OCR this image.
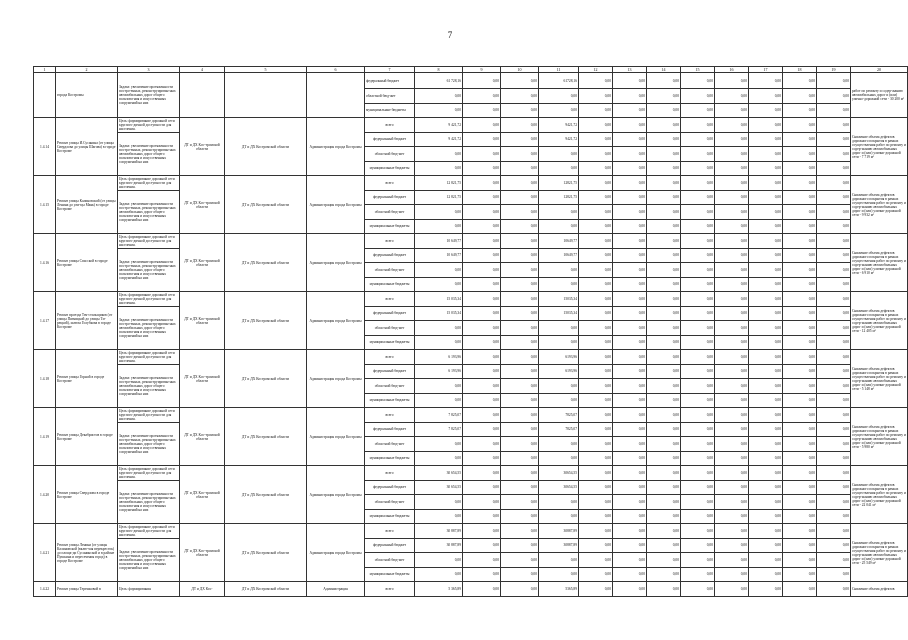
7
1	2	3	4	5	6	7	8	9	10	11	12	13	14	15	16	17	18	19	20
	города Костромы	Задача: увеличение протяженности постро-енных, реконструирован-ных автомобильных дорог общего пользова-ния и искусственных сооружений на них				федеральный бюджет	61 728,16	0,00	0,00	61728,16	0,00	0,00	0,00	0,00	0,00	0,00	0,00	0,00	работ по ремонту и содер-жанию автомобильных дорог и (или) уличнo-дорожной сети - 30 200 м²
						областной бюд-жет	0,00	0,00	0,00	0,00	0,00	0,00	0,00	0,00	0,00	0,00	0,00	0,00	
						муниципальные бюджеты	0,00	0,00	0,00	0,00	0,00	0,00	0,00	0,00	0,00	0,00	0,00	0,00	
1.4.14	Ремонт улицы И.Сусанина (от улицы Свердлова до улицы Шагова) в городе Костроме	Цель: формирование дорожной сети круглого-дичной доступности для населения.	ДТ и ДХ Кос-тромской области	ДТ и ДХ Костромской области	Администрация города Костромы	всего	9 421,72	0,00	0,00	9421,72	0,00	0,00	0,00	0,00	0,00	0,00	0,00	0,00	Снижение объема дефектов дорожного покрытия в рамках осуществления работ по ремонту и содер-жанию автомобильных дорог и (или) улично-дорожной сети - 7 719 м²
		Задача: увеличение протяженности постро-енных, реконструирован-ных автомобильных дорог общего пользова-ния и искусственных сооружений на них				федеральный бюджет	9 421,72	0,00	0,00	9421,72	0,00	0,00	0,00	0,00	0,00	0,00	0,00	0,00	
						областной бюд-жет	0,00	0,00	0,00	0,00	0,00	0,00	0,00	0,00	0,00	0,00	0,00	0,00	
						муниципальные бюджеты	0,00	0,00	0,00	0,00	0,00	0,00	0,00	0,00	0,00	0,00	0,00	0,00	
1.4.15	Ремонт улицы Калиновской (от улицы Ленина до ули-цы Маяк) в городе Костроме	Цель: формирование дорожной сети круглого-дичной доступности для населения.	ДТ и ДХ Кос-тромской области	ДТ и ДХ Костромской области	Администрация города Костромы	всего	12 821,75	0,00	0,00	12821,75	0,00	0,00	0,00	0,00	0,00	0,00	0,00	0,00	Снижение объема дефектов дорожного покрытия в рамках осуществления работ по ремонту и содер-жанию автомобильных дорог и (или) улично-дорожной сети - 9 932 м²
		Задача: увеличение протяженности постро-енных, реконструирован-ных автомобильных дорог общего пользова-ния и искусственных сооружений на них				федеральный бюджет	12 821,75	0,00	0,00	12821,75	0,00	0,00	0,00	0,00	0,00	0,00	0,00	0,00	
						областной бюд-жет	0,00	0,00	0,00	0,00	0,00	0,00	0,00	0,00	0,00	0,00	0,00	0,00	
						муниципальные бюджеты	0,00	0,00	0,00	0,00	0,00	0,00	0,00	0,00	0,00	0,00	0,00	0,00	
1.4.16	Ремонт улицы Спасской в городе Костроме	Цель: формирование дорожной сети круглого-дичной доступности для населения.	ДТ и ДХ Кос-тромской области	ДТ и ДХ Костромской области	Администрация города Костромы	всего	10 649,77	0,00	0,00	10649,77	0,00	0,00	0,00	0,00	0,00	0,00	0,00	0,00	Снижение объема дефектов дорожного покрытия в рамках осуществления работ по ремонту и содер-жанию автомобильных дорог и (или) улично-дорожной сети - 6 910 м²
		Задача: увеличение протяженности постро-енных, реконструирован-ных автомобильных дорог общего пользова-ния и искусственных сооружений на них				федеральный бюджет	10 649,77	0,00	0,00	10649,77	0,00	0,00	0,00	0,00	0,00	0,00	0,00	0,00	
						областной бюд-жет	0,00	0,00	0,00	0,00	0,00	0,00	0,00	0,00	0,00	0,00	0,00	0,00	
						муниципальные бюджеты	0,00	0,00	0,00	0,00	0,00	0,00	0,00	0,00	0,00	0,00	0,00	0,00	
1.4.17	Ремонт проезда Тек-стильщиков (от улицы Пятницкой до улицы Ти-рецкой), шлюза Голубкова в городе Костроме	Цель: формирование дорожной сети круглого-дичной доступности для населения.	ДТ и ДХ Кос-тромской области	ДТ и ДХ Костромской области	Администрация города Костромы	всего	15 035,34	0,00	0,00	15035,34	0,00	0,00	0,00	0,00	0,00	0,00	0,00	0,00	Снижение объема дефектов дорожного покрытия в рамках осуществления работ по ремонту и содер-жанию автомобильных дорог и (или) улично-дорожной сети - 12 405 м²
		Задача: увеличение протяженности постро-енных, реконструирован-ных автомобильных дорог общего пользова-ния и искусственных сооружений на них				федеральный бюджет	15 035,34	0,00	0,00	15035,34	0,00	0,00	0,00	0,00	0,00	0,00	0,00	0,00	
						областной бюд-жет	0,00	0,00	0,00	0,00	0,00	0,00	0,00	0,00	0,00	0,00	0,00	0,00	
						муниципальные бюджеты	0,00	0,00	0,00	0,00	0,00	0,00	0,00	0,00	0,00	0,00	0,00	0,00	
1.4.18	Ремонт улицы Горной в городе Костроме	Цель: формирование дорожной сети круглого-дичной доступности для населения.	ДТ и ДХ Кос-тромской области	ДТ и ДХ Костромской области	Администрация города Костромы	всего	6 193,96	0,00	0,00	6193,96	0,00	0,00	0,00	0,00	0,00	0,00	0,00	0,00	Снижение объема дефектов дорожного покрытия в рамках осуществления работ по ремонту и содер-жанию автомобильных дорог и (или) улично-дорожной сети - 5 148 м²
		Задача: увеличение протяженности постро-енных, реконструирован-ных автомобильных дорог общего пользова-ния и искусственных сооружений на них				федеральный бюджет	6 193,96	0,00	0,00	6193,96	0,00	0,00	0,00	0,00	0,00	0,00	0,00	0,00	
						областной бюд-жет	0,00	0,00	0,00	0,00	0,00	0,00	0,00	0,00	0,00	0,00	0,00	0,00	
						муниципальные бюджеты	0,00	0,00	0,00	0,00	0,00	0,00	0,00	0,00	0,00	0,00	0,00	0,00	
1.4.19	Ремонт улицы Декабристов в городе Костроме	Цель: формирование дорожной сети круглого-дичной доступности для населения.	ДТ и ДХ Кос-тромской области	ДТ и ДХ Костромской области	Администрация города Костромы	всего	7 825,07	0,00	0,00	7825,07	0,00	0,00	0,00	0,00	0,00	0,00	0,00	0,00	Снижение объема дефектов дорожного покрытия в рамках осуществления работ по ремонту и содер-жанию автомобильных дорог и (или) улично-дорожной сети - 5 980 м²
		Задача: увеличение протяженности постро-енных, реконструирован-ных автомобильных дорог общего пользова-ния и искусственных сооружений на них				федеральный бюджет	7 825,07	0,00	0,00	7825,07	0,00	0,00	0,00	0,00	0,00	0,00	0,00	0,00	
						областной бюд-жет	0,00	0,00	0,00	0,00	0,00	0,00	0,00	0,00	0,00	0,00	0,00	0,00	
						муниципальные бюджеты	0,00	0,00	0,00	0,00	0,00	0,00	0,00	0,00	0,00	0,00	0,00	0,00	
1.4.20	Ремонт улицы Свердлова в городе Костроме	Цель: формирование дорожной сети круглого-дичной доступности для населения.	ДТ и ДХ Кос-тромской области	ДТ и ДХ Костромской области	Администрация города Костромы	всего	30 654,55	0,00	0,00	30654,55	0,00	0,00	0,00	0,00	0,00	0,00	0,00	0,00	Снижение объема дефектов дорожного покрытия в рамках осуществления работ по ремонту и содер-жанию автомобильных дорог и (или) улично-дорожной сети - 22 041 м²
		Задача: увеличение протяженности постро-енных, реконструирован-ных автомобильных дорог общего пользова-ния и искусственных сооружений на них				федеральный бюджет	30 654,55	0,00	0,00	30654,55	0,00	0,00	0,00	0,00	0,00	0,00	0,00	0,00	
						областной бюд-жет	0,00	0,00	0,00	0,00	0,00	0,00	0,00	0,00	0,00	0,00	0,00	0,00	
						муниципальные бюджеты	0,00	0,00	0,00	0,00	0,00	0,00	0,00	0,00	0,00	0,00	0,00	0,00	
1.4.21	Ремонт улицы Ленина (от улицы Калиновской (вклю-чая перекресток) до площа-ди Сусанинской и в районе Пушкина и пересечения город) в городе Костроме	Цель: формирование дорожной сети круглого-дичной доступности для населения.	ДТ и ДХ Кос-тромской области	ДТ и ДХ Костромской области	Администрация города Костромы	всего	30 887,89	0,00	0,00	30887,89	0,00	0,00	0,00	0,00	0,00	0,00	0,00	0,00	Снижение объема дефектов дорожного покрытия в рамках осуществления работ по ремонту и содер-жанию автомобильных дорог и (или) улично-дорожной сети - 25 549 м²
		Задача: увеличение протяженности постро-енных, реконструирован-ных автомобильных дорог общего пользова-ния и искусственных сооружений на них				федеральный бюджет	30 887,89	0,00	0,00	30887,89	0,00	0,00	0,00	0,00	0,00	0,00	0,00	0,00	
						областной бюд-жет	0,00	0,00	0,00	0,00	0,00	0,00	0,00	0,00	0,00	0,00	0,00	0,00	
						муниципальные бюджеты	0,00	0,00	0,00	0,00	0,00	0,00	0,00	0,00	0,00	0,00	0,00	0,00	
1.4.22	Ремонт улицы Терешковой в	Цель: формирования	ДТ и ДХ Кос-	ДТ и ДХ Костромской области	Администрация	всего	5 365,89	0,00	0,00	5365,89	0,00	0,00	0,00	0,00	0,00	0,00	0,00	0,00	Снижение объема дефектов
